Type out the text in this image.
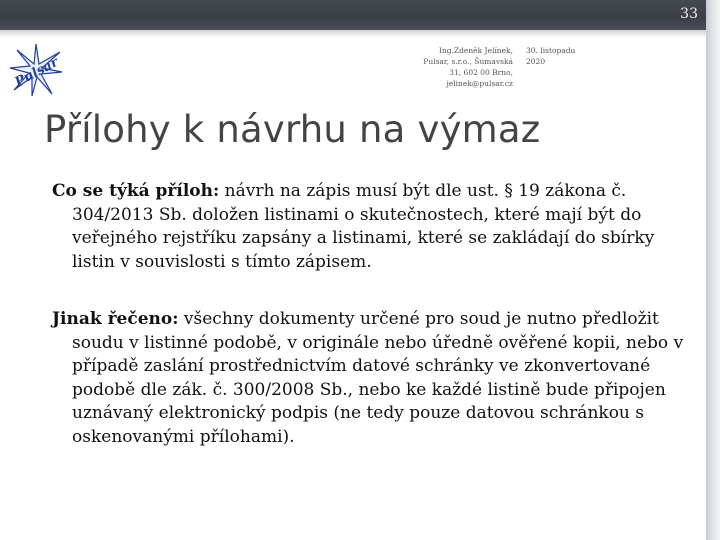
33
Pulsar
Ing.Zdeněk Jelínek,
Pulsar, s.r.o., Šumavská
31, 602 00 Brno,
jelinek@pulsar.cz
30. listopadu
2020
Přílohy k návrhu na výmaz

Co se týká příloh: návrh na zápis musí být dle ust. § 19 zákona č. 304/2013 Sb. doložen listinami o skutečnostech, které mají být do veřejného rejstříku zapsány a listinami, které se zakládají do sbírky listin v souvislosti s tímto zápisem.

Jinak řečeno: všechny dokumenty určené pro soud je nutno předložit soudu v listinné podobě, v originále nebo úředně ověřené kopii, nebo v případě zaslání prostřednictvím datové schránky ve zkonvertované podobě dle zák. č. 300/2008 Sb., nebo ke každé listině bude připojen uznávaný elektronický podpis (ne tedy pouze datovou schránkou s oskenovanými přílohami).
